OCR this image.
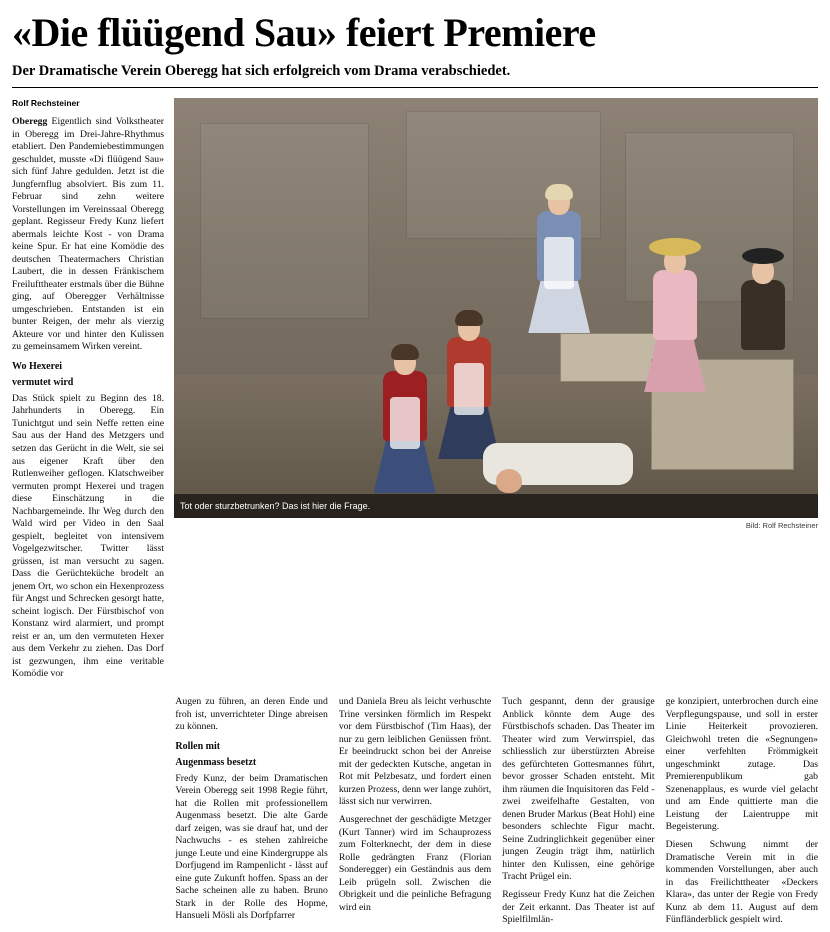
«Die flüügend Sau» feiert Premiere
Der Dramatische Verein Oberegg hat sich erfolgreich vom Drama verabschiedet.
Rolf Rechsteiner

Oberegg Eigentlich sind Volkstheater in Oberegg im Drei-Jahre-Rhythmus etabliert. Den Pandemiebestimmungen geschuldet, musste «Di flüügend Sau» sich fünf Jahre gedulden. Jetzt ist die Jungfernflug absolviert. Bis zum 11. Februar sind zehn weitere Vorstellungen im Vereinssaal Oberegg geplant. Regisseur Fredy Kunz liefert abermals leichte Kost - von Drama keine Spur. Er hat eine Komödie des deutschen Theatermachers Christian Laubert, die in dessen Fränkischem Freilufttheater erstmals über die Bühne ging, auf Oberegger Verhältnisse umgeschrieben. Entstanden ist ein bunter Reigen, der mehr als vierzig Akteure vor und hinter den Kulissen zu gemeinsamem Wirken vereint.

Wo Hexerei
vermutet wird

Das Stück spielt zu Beginn des 18. Jahrhunderts in Oberegg. Ein Tunichtgut und sein Neffe retten eine Sau aus der Hand des Metzgers und setzen das Gerücht in die Welt, sie sei aus eigener Kraft über den Rutlenweiher geflogen. Klatschweiber vermuten prompt Hexerei und tragen diese Einschätzung in die Nachbargemeinde. Ihr Weg durch den Wald wird per Video in den Saal gespielt, begleitet von intensivem Vogelgezwitscher. Twitter lässt grüssen, ist man versucht zu sagen. Dass die Gerüchteküche brodelt an jenem Ort, wo schon ein Hexenprozess für Angst und Schrecken gesorgt hatte, scheint logisch. Der Fürstbischof von Konstanz wird alarmiert, und prompt reist er an, um den vermuteten Hexer aus dem Verkehr zu ziehen. Das Dorf ist gezwungen, ihm eine veritable Komödie vor

Tot oder sturzbetrunken? Das ist hier die Frage.
Bild: Rolf Rechsteiner

Augen zu führen, an deren Ende und froh ist, unverrichteter Dinge abreisen zu können.

Rollen mit
Augenmass besetzt

Fredy Kunz, der beim Dramatischen Verein Oberegg seit 1998 Regie führt, hat die Rollen mit professionellem Augenmass besetzt. Die alte Garde darf zeigen, was sie drauf hat, und der Nachwuchs - es stehen zahlreiche junge Leute und eine Kindergruppe als Dorfjugend im Rampenlicht - lässt auf eine gute Zukunft hoffen. Spass an der Sache scheinen alle zu haben. Bruno Stark in der Rolle des Hopme, Hansueli Mösli als Dorfpfarrer

und Daniela Breu als leicht verhuschte Trine versinken förmlich im Respekt vor dem Fürstbischof (Tim Haas), der nur zu gern leiblichen Genüssen frönt. Er beeindruckt schon bei der Anreise mit der gedeckten Kutsche, angetan in Rot mit Pelzbesatz, und fordert einen kurzen Prozess, denn wer lange zuhört, lässt sich nur verwirren.

Ausgerechnet der geschädigte Metzger (Kurt Tanner) wird im Schauprozess zum Folterknecht, der dem in diese Rolle gedrängten Franz (Florian Sonderegger) ein Geständnis aus dem Leib prügeln soll. Zwischen die Obrigkeit und die peinliche Befragung wird ein

Tuch gespannt, denn der grausige Anblick könnte dem Auge des Fürstbischofs schaden. Das Theater im Theater wird zum Verwirrspiel, das schliesslich zur überstürzten Abreise des gefürchteten Gottesmannes führt, bevor grosser Schaden entsteht. Mit ihm räumen die Inquisitoren das Feld - zwei zweifelhafte Gestalten, von denen Bruder Markus (Beat Hohl) eine besonders schlechte Figur macht. Seine Zudringlichkeit gegenüber einer jungen Zeugin trägt ihm, natürlich hinter den Kulissen, eine gehörige Tracht Prügel ein.

Regisseur Fredy Kunz hat die Zeichen der Zeit erkannt. Das Theater ist auf Spielfilmlän-

ge konzipiert, unterbrochen durch eine Verpflegungspause, und soll in erster Linie Heiterkeit provozieren. Gleichwohl treten die «Segnungen» einer verfehlten Frömmigkeit ungeschminkt zutage. Das Premierenpublikum gab Szenenapplaus, es wurde viel gelacht und am Ende quittierte man die Leistung der Laientruppe mit Begeisterung.

Diesen Schwung nimmt der Dramatische Verein mit in die kommenden Vorstellungen, aber auch in das Freilichttheater «Deckers Klara», das unter der Regie von Fredy Kunz ab dem 11. August auf dem Fünfländerblick gespielt wird.
